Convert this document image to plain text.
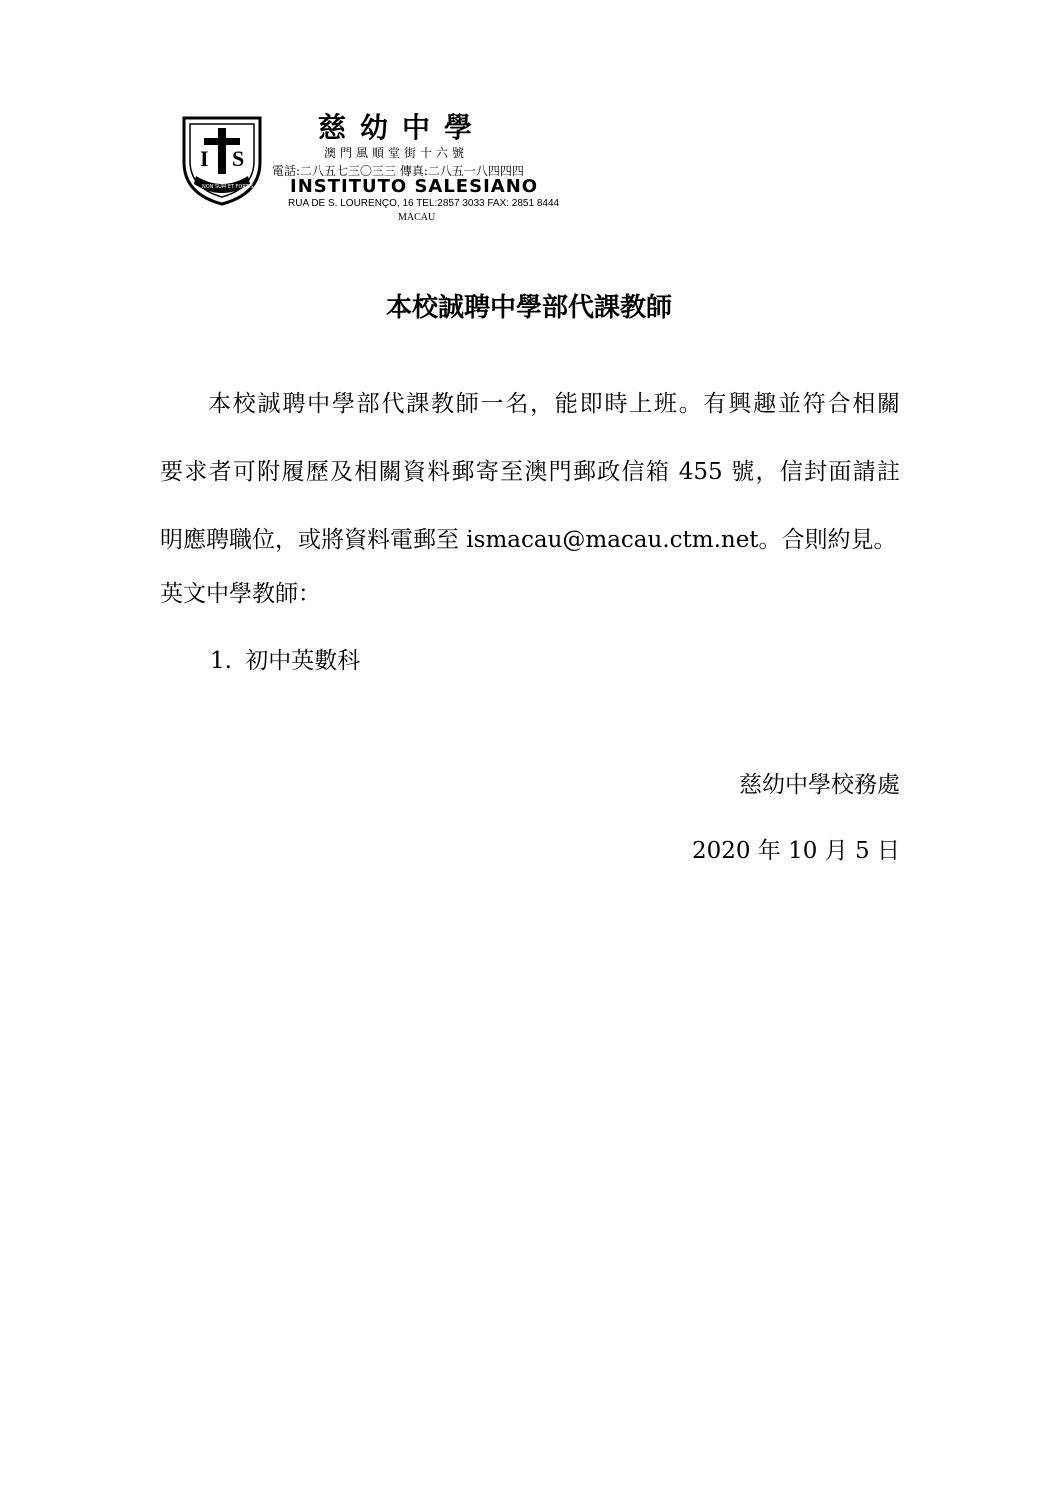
I S
NON SUM ET FORTIS
慈幼中學
澳門風順堂街十六號
電話:二八五七三〇三三 傳真:二八五一八四四四
INSTITUTO SALESIANO
RUA DE S. LOURENÇO, 16 TEL:2857 3033 FAX: 2851 8444
MACAU
本校誠聘中學部代課教師
本校誠聘中學部代課教師一名，能即時上班。有興趣並符合相關
要求者可附履歷及相關資料郵寄至澳門郵政信箱 455 號，信封面請註
明應聘職位，或將資料電郵至 ismacau@macau.ctm.net。合則約見。
英文中學教師：
1. 初中英數科
慈幼中學校務處
2020 年 10 月 5 日
